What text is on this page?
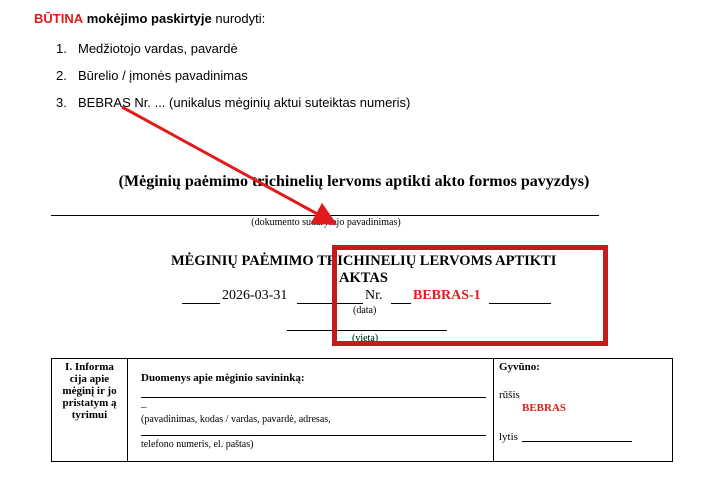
BŪTINA mokėjimo paskirtyje nurodyti:
1. Medžiotojo vardas, pavardė
2. Būrelio / įmonės pavadinimas
3. BEBRAS Nr. ... (unikalus mėginių aktui suteiktas numeris)
(Mėginių paėmimo trichinelių lervoms aptikti akto formos pavyzdys)
(dokumento sudarytojo pavadinimas)
MĖGINIŲ PAĖMIMO TRICHINELIŲ LERVOMS APTIKTI
AKTAS
2026-03-31	Nr. BEBRAS-1
(data)
(vieta)
I. Informa cija apie mėginį ir jo pristatym ą tyrimui

Duomenys apie mėginio savininką:
–
(pavadinimas, kodas / vardas, pavardė, adresas,
telefono numeris, el. paštas)

Gyvūno:
rūšis
BEBRAS
lytis
